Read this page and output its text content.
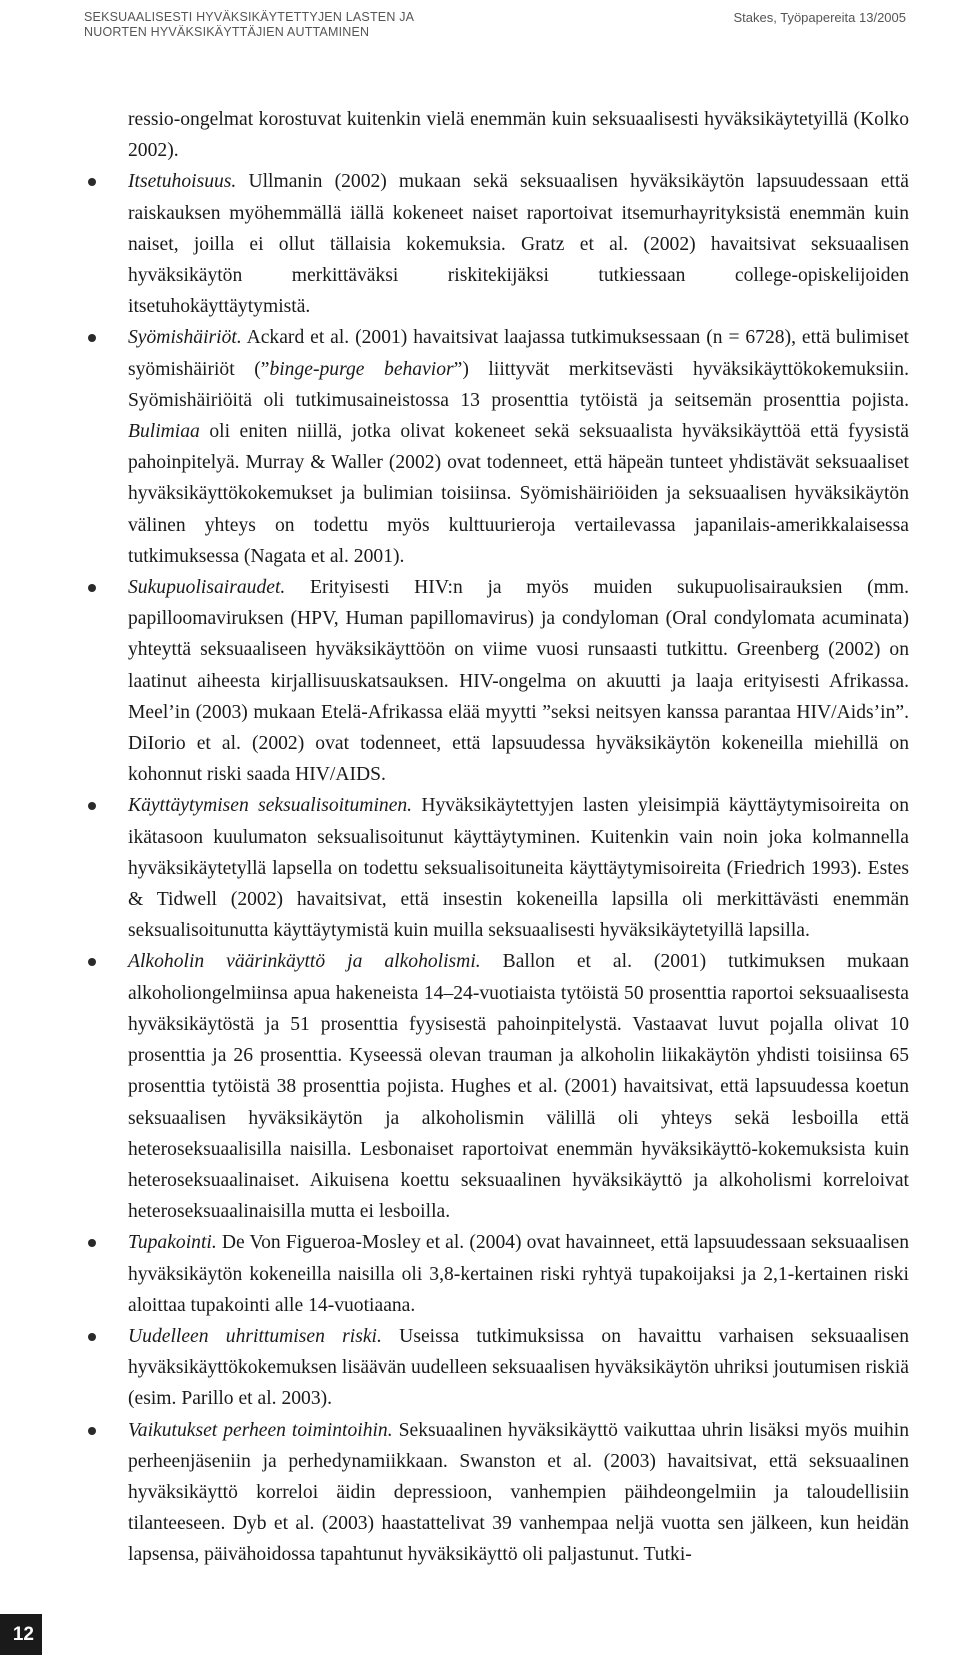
SEKSUAALISESTI HYVÄKSIKÄYTETTYJEN LASTEN JA
NUORTEN HYVÄKSIKÄYTTÄJIEN AUTTAMINEN
Stakes, Työpapereita 13/2005

ressio-ongelmat korostuvat kuitenkin vielä enemmän kuin seksuaalisesti hyväksikäytetyillä (Kolko 2002).

Itsetuhoisuus. Ullmanin (2002) mukaan sekä seksuaalisen hyväksikäytön lapsuudessaan että raiskauksen myöhemmällä iällä kokeneet naiset raportoivat itsemurhayrityksistä enemmän kuin naiset, joilla ei ollut tällaisia kokemuksia. Gratz et al. (2002) havaitsivat seksuaalisen hyväksikäytön merkittäväksi riskitekijäksi tutkiessaan college-opiskelijoiden itsetuhokäyttäytymistä.
Syömishäiriöt. Ackard et al. (2001) havaitsivat laajassa tutkimuksessaan (n = 6728), että bulimiset syömishäiriöt (”binge-purge behavior”) liittyvät merkitsevästi hyväksikäyttökokemuksiin. Syömishäiriöitä oli tutkimusaineistossa 13 prosenttia tytöistä ja seitsemän prosenttia pojista. Bulimiaa oli eniten niillä, jotka olivat kokeneet sekä seksuaalista hyväksikäyttöä että fyysistä pahoinpitelyä. Murray & Waller (2002) ovat todenneet, että häpeän tunteet yhdistävät seksuaaliset hyväksikäyttökokemukset ja bulimian toisiinsa. Syömishäiriöiden ja seksuaalisen hyväksikäytön välinen yhteys on todettu myös kulttuurieroja vertailevassa japanilais-amerikkalaisessa tutkimuksessa (Nagata et al. 2001).
Sukupuolisairaudet. Erityisesti HIV:n ja myös muiden sukupuolisairauksien (mm. papilloomaviruksen (HPV, Human papillomavirus) ja condyloman (Oral condylomata acuminata) yhteyttä seksuaaliseen hyväksikäyttöön on viime vuosi runsaasti tutkittu. Greenberg (2002) on laatinut aiheesta kirjallisuuskatsauksen. HIV-ongelma on akuutti ja laaja erityisesti Afrikassa. Meel’in (2003) mukaan Etelä-Afrikassa elää myytti ”seksi neitsyen kanssa parantaa HIV/Aids’in”. DiIorio et al. (2002) ovat todenneet, että lapsuudessa hyväksikäytön kokeneilla miehillä on kohonnut riski saada HIV/AIDS.
Käyttäytymisen seksualisoituminen. Hyväksikäytettyjen lasten yleisimpiä käyttäytymisoireita on ikätasoon kuulumaton seksualisoitunut käyttäytyminen. Kuitenkin vain noin joka kolmannella hyväksikäytetyllä lapsella on todettu seksualisoituneita käyttäytymisoireita (Friedrich 1993). Estes & Tidwell (2002) havaitsivat, että insestin kokeneilla lapsilla oli merkittävästi enemmän seksualisoitunutta käyttäytymistä kuin muilla seksuaalisesti hyväksikäytetyillä lapsilla.
Alkoholin väärinkäyttö ja alkoholismi. Ballon et al. (2001) tutkimuksen mukaan alkoholiongelmiinsa apua hakeneista 14–24-vuotiaista tytöistä 50 prosenttia raportoi seksuaalisesta hyväksikäytöstä ja 51 prosenttia fyysisestä pahoinpitelystä. Vastaavat luvut pojalla olivat 10 prosenttia ja 26 prosenttia. Kyseessä olevan trauman ja alkoholin liikakäytön yhdisti toisiinsa 65 prosenttia tytöistä 38 prosenttia pojista. Hughes et al. (2001) havaitsivat, että lapsuudessa koetun seksuaalisen hyväksikäytön ja alkoholismin välillä oli yhteys sekä lesboilla että heteroseksuaalisilla naisilla. Lesbonaiset raportoivat enemmän hyväksikäyttö-kokemuksista kuin heteroseksuaalinaiset. Aikuisena koettu seksuaalinen hyväksikäyttö ja alkoholismi korreloivat heteroseksuaalinaisilla mutta ei lesboilla.
Tupakointi. De Von Figueroa-Mosley et al. (2004) ovat havainneet, että lapsuudessaan seksuaalisen hyväksikäytön kokeneilla naisilla oli 3,8-kertainen riski ryhtyä tupakoijaksi ja 2,1-kertainen riski aloittaa tupakointi alle 14-vuotiaana.
Uudelleen uhrittumisen riski. Useissa tutkimuksissa on havaittu varhaisen seksuaalisen hyväksikäyttökokemuksen lisäävän uudelleen seksuaalisen hyväksikäytön uhriksi joutumisen riskiä (esim. Parillo et al. 2003).
Vaikutukset perheen toimintoihin. Seksuaalinen hyväksikäyttö vaikuttaa uhrin lisäksi myös muihin perheenjäseniin ja perhedynamiikkaan. Swanston et al. (2003) havaitsivat, että seksuaalinen hyväksikäyttö korreloi äidin depressioon, vanhempien päihdeongelmiin ja taloudellisiin tilanteeseen. Dyb et al. (2003) haastattelivat 39 vanhempaa neljä vuotta sen jälkeen, kun heidän lapsensa, päivähoidossa tapahtunut hyväksikäyttö oli paljastunut. Tutki-
12
